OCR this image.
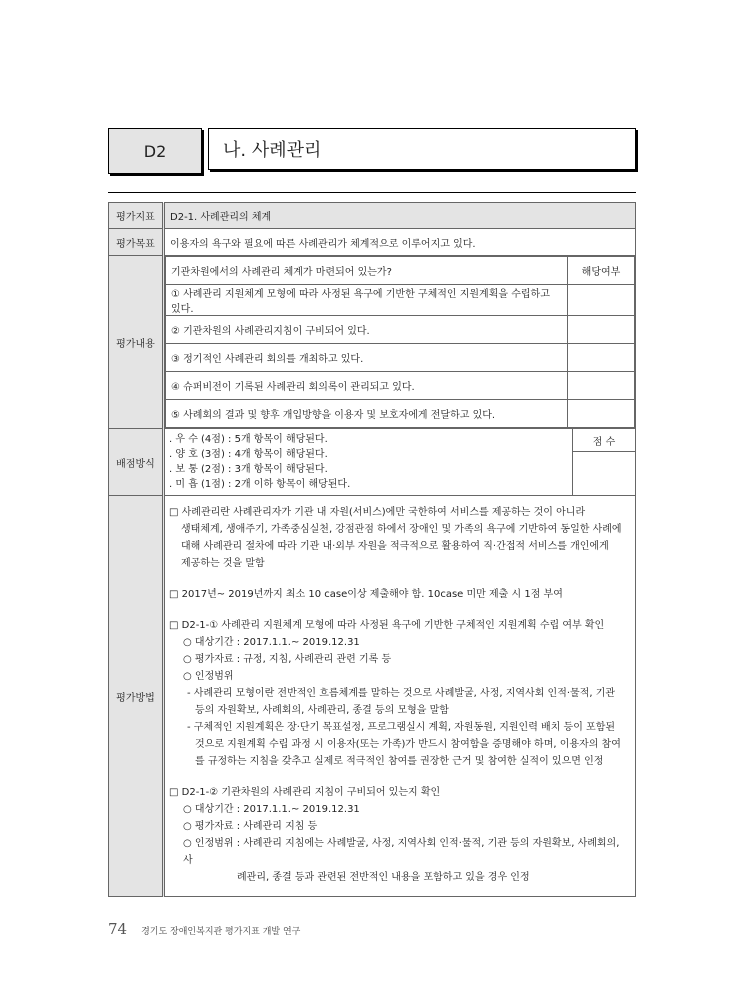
D2	나. 사례관리
평가지표	D2-1. 사례관리의 체계
평가목표	이용자의 욕구와 필요에 따른 사례관리가 체계적으로 이루어지고 있다.
평가내용	
기관차원에서의 사례관리 체계가 마련되어 있는가?	해당여부
① 사례관리 지원체계 모형에 따라 사정된 욕구에 기반한 구체적인 지원계획을 수립하고 있다.	
② 기관차원의 사례관리지침이 구비되어 있다.	
③ 정기적인 사례관리 회의를 개최하고 있다.	
④ 슈퍼비전이 기록된 사례관리 회의록이 관리되고 있다.	
⑤ 사례회의 결과 및 향후 개입방향을 이용자 및 보호자에게 전달하고 있다.	

배점방식	
. 우 수 (4점) : 5개 항목이 해당된다.
. 양 호 (3점) : 4개 항목이 해당된다.
. 보 통 (2점) : 3개 항목이 해당된다.
. 미 흡 (1점) : 2개 이하 항목이 해당된다.
점 수

평가방법	

□ 사례관리란 사례관리자가 기관 내 자원(서비스)에만 국한하여 서비스를 제공하는 것이 아니라

생태체계, 생애주기, 가족중심실천, 강점관점 하에서 장애인 및 가족의 욕구에 기반하여 동일한 사례에

대해 사례관리 절차에 따라 기관 내·외부 자원을 적극적으로 활용하여 직·간접적 서비스를 개인에게

제공하는 것을 말함

□ 2017년~ 2019년까지 최소 10 case이상 제출해야 함. 10case 미만 제출 시 1점 부여

□ D2-1-① 사례관리 지원체계 모형에 따라 사정된 욕구에 기반한 구체적인 지원계획 수립 여부 확인

○ 대상기간 : 2017.1.1.~ 2019.12.31

○ 평가자료 : 규정, 지침, 사례관리 관련 기록 등

○ 인정범위

- 사례관리 모형이란 전반적인 흐름체계를 말하는 것으로 사례발굴, 사정, 지역사회 인적·물적, 기관

등의 자원확보, 사례회의, 사례관리, 종결 등의 모형을 말함

- 구체적인 지원계획은 장·단기 목표설정, 프로그램실시 계획, 자원동원, 지원인력 배치 등이 포함된

것으로 지원계획 수립 과정 시 이용자(또는 가족)가 반드시 참여함을 증명해야 하며, 이용자의 참여

를 규정하는 지침을 갖추고 실제로 적극적인 참여를 권장한 근거 및 참여한 실적이 있으면 인정

□ D2-1-② 기관차원의 사례관리 지침이 구비되어 있는지 확인

○ 대상기간 : 2017.1.1.~ 2019.12.31

○ 평가자료 : 사례관리 지침 등

○ 인정범위 : 사례관리 지침에는 사례발굴, 사정, 지역사회 인적·물적, 기관 등의 자원확보, 사례회의, 사

례관리, 종결 등과 관련된 전반적인 내용을 포함하고 있을 경우 인정

74 경기도 장애인복지관 평가지표 개발 연구
